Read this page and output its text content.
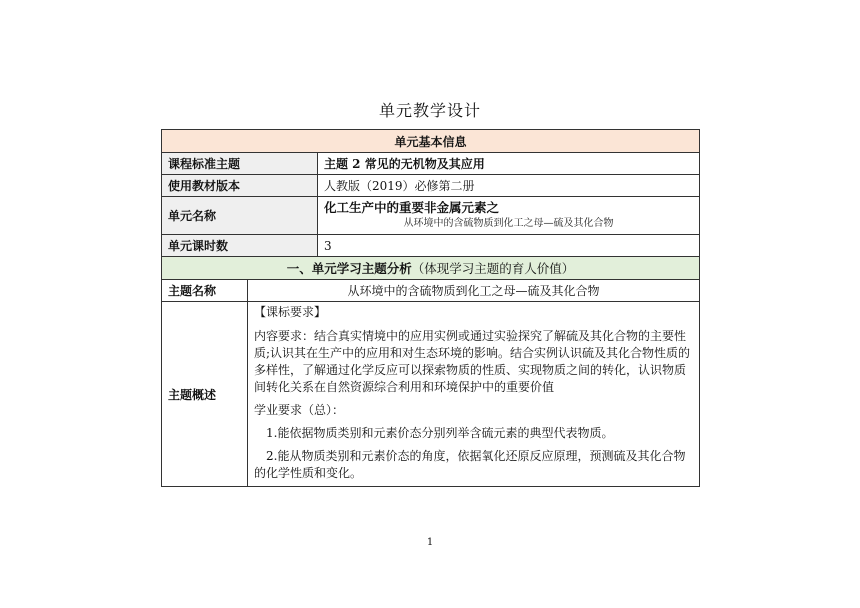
单元教学设计
单元基本信息		
课程标准主题		主题 2 常见的无机物及其应用
使用教材版本		人教版（2019）必修第二册
单元名称		化工生产中的重要非金属元素之
从环境中的含硫物质到化工之母—硫及其化合物

单元课时数		3
一、单元学习主题分析（体现学习主题的育人价值）		
主题名称	从环境中的含硫物质到化工之母—硫及其化合物	
主题概述	【课标要求】

内容要求：结合真实情境中的应用实例或通过实验探究了解硫及其化合物的主要性质;认识其在生产中的应用和对生态环境的影响。结合实例认识硫及其化合物性质的多样性，了解通过化学反应可以探索物质的性质、实现物质之间的转化，认识物质间转化关系在自然资源综合利用和环境保护中的重要价值

学业要求（总）：

1.能依据物质类别和元素价态分别列举含硫元素的典型代表物质。

2.能从物质类别和元素价态的角度，依据氧化还原反应原理，预测硫及其化合物的化学性质和变化。	

1
